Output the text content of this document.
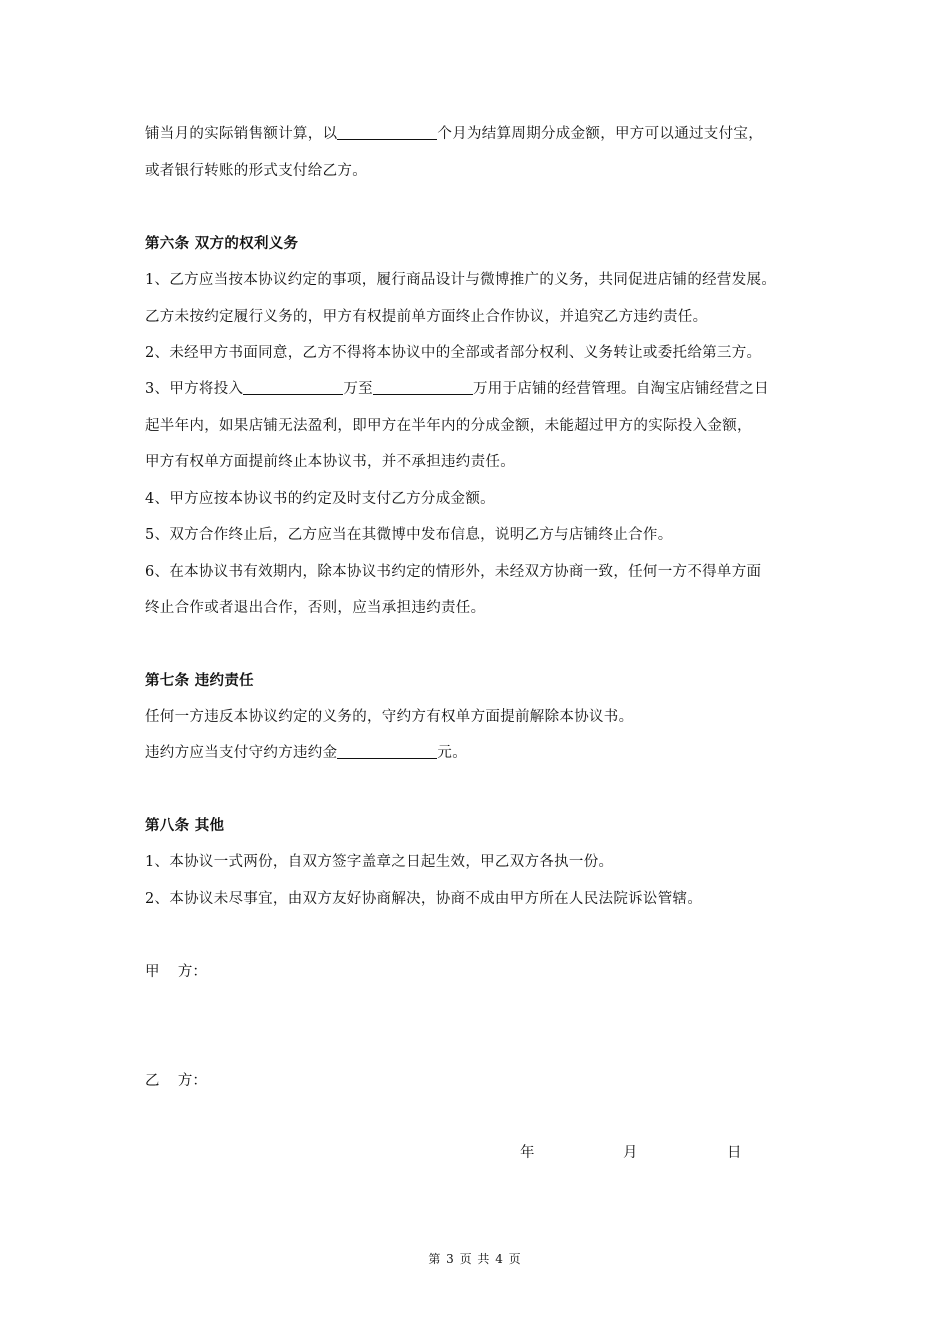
铺当月的实际销售额计算，以	个月为结算周期分成金额，甲方可以通过支付宝，
或者银行转账的形式支付给乙方。
第六条 双方的权利义务
1、乙方应当按本协议约定的事项，履行商品设计与微博推广的义务，共同促进店铺的经营发展。
乙方未按约定履行义务的，甲方有权提前单方面终止合作协议，并追究乙方违约责任。
2、未经甲方书面同意，乙方不得将本协议中的全部或者部分权利、义务转让或委托给第三方。
3、甲方将投入	万至	万用于店铺的经营管理。自淘宝店铺经营之日
起半年内，如果店铺无法盈利，即甲方在半年内的分成金额，未能超过甲方的实际投入金额，
甲方有权单方面提前终止本协议书，并不承担违约责任。
4、甲方应按本协议书的约定及时支付乙方分成金额。
5、双方合作终止后，乙方应当在其微博中发布信息，说明乙方与店铺终止合作。
6、在本协议书有效期内，除本协议书约定的情形外，未经双方协商一致，任何一方不得单方面
终止合作或者退出合作，否则，应当承担违约责任。
第七条 违约责任
任何一方违反本协议约定的义务的，守约方有权单方面提前解除本协议书。
违约方应当支付守约方违约金	元。
第八条 其他
1、本协议一式两份，自双方签字盖章之日起生效，甲乙双方各执一份。
2、本协议未尽事宜，由双方友好协商解决，协商不成由甲方所在人民法院诉讼管辖。
甲    方：
乙    方：
年	月	日
第 3 页 共 4 页
